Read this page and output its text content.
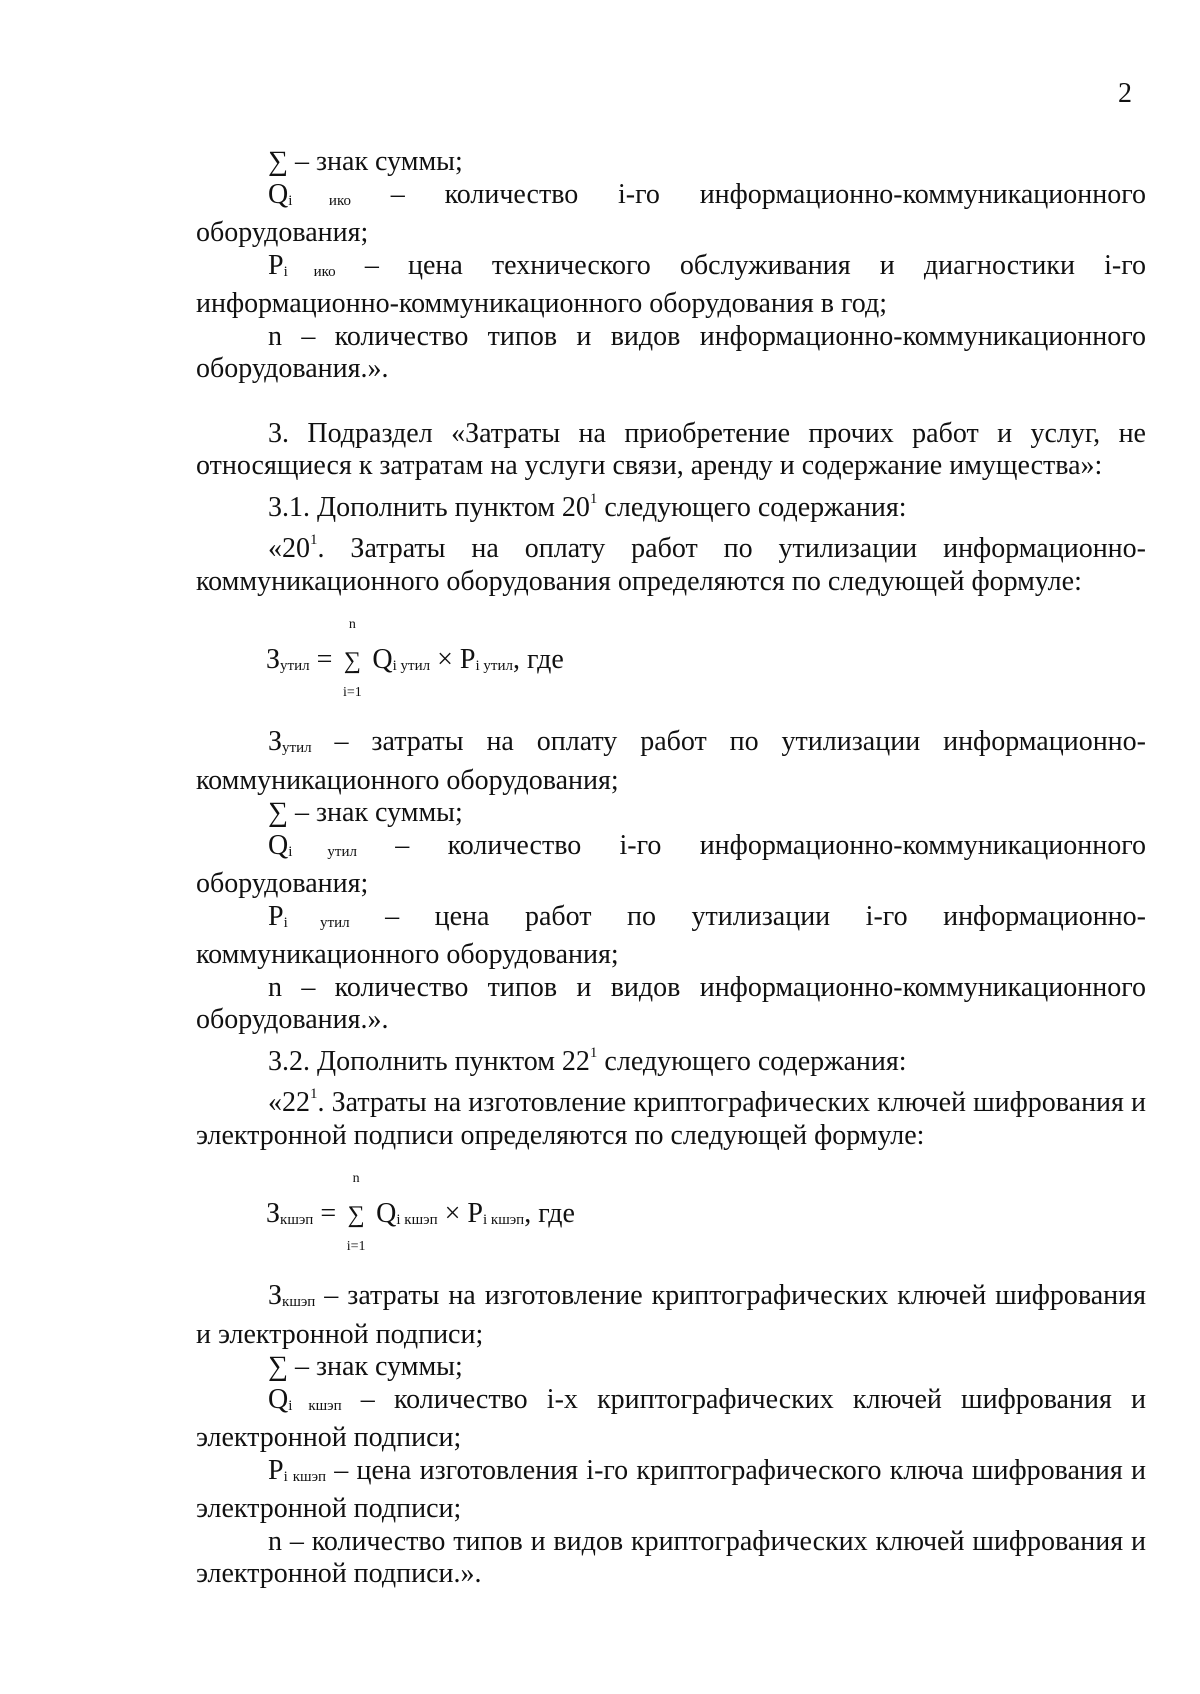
2

∑ – знак суммы;

$Q_{i ико}$ – количество i-го информационно-коммуникационного оборудования;

$P_{i ико}$ – цена технического обслуживания и диагностики i-го информационно-коммуникационного оборудования в год;

n – количество типов и видов информационно-коммуникационного оборудования.».

3. Подраздел «Затраты на приобретение прочих работ и услуг, не относящиеся к затратам на услуги связи, аренду и содержание имущества»:

3.1. Дополнить пунктом $20^1$ следующего содержания:

«$20^1$. Затраты на оплату работ по утилизации информационно-коммуникационного оборудования определяются по следующей формуле:

$З_{утил}$ =
n
∑
i=1
$Q_{i утил} \times P_{i утил}$, где

$З_{утил}$ – затраты на оплату работ по утилизации информационно-коммуникационного оборудования;

∑ – знак суммы;

$Q_{i утил}$ – количество i-го информационно-коммуникационного оборудования;

$P_{i утил}$ – цена работ по утилизации i-го информационно-коммуникационного оборудования;

n – количество типов и видов информационно-коммуникационного оборудования.».

3.2. Дополнить пунктом $22^1$ следующего содержания:

«$22^1$. Затраты на изготовление криптографических ключей шифрования и электронной подписи определяются по следующей формуле:

$З_{кшэп}$ =
n
∑
i=1
$Q_{i кшэп} \times P_{i кшэп}$, где

$З_{кшэп}$ – затраты на изготовление криптографических ключей шифрования и электронной подписи;

∑ – знак суммы;

$Q_{i кшэп}$ – количество i-х криптографических ключей шифрования и электронной подписи;

$P_{i кшэп}$ – цена изготовления i-го криптографического ключа шифрования и электронной подписи;

n – количество типов и видов криптографических ключей шифрования и электронной подписи.».
